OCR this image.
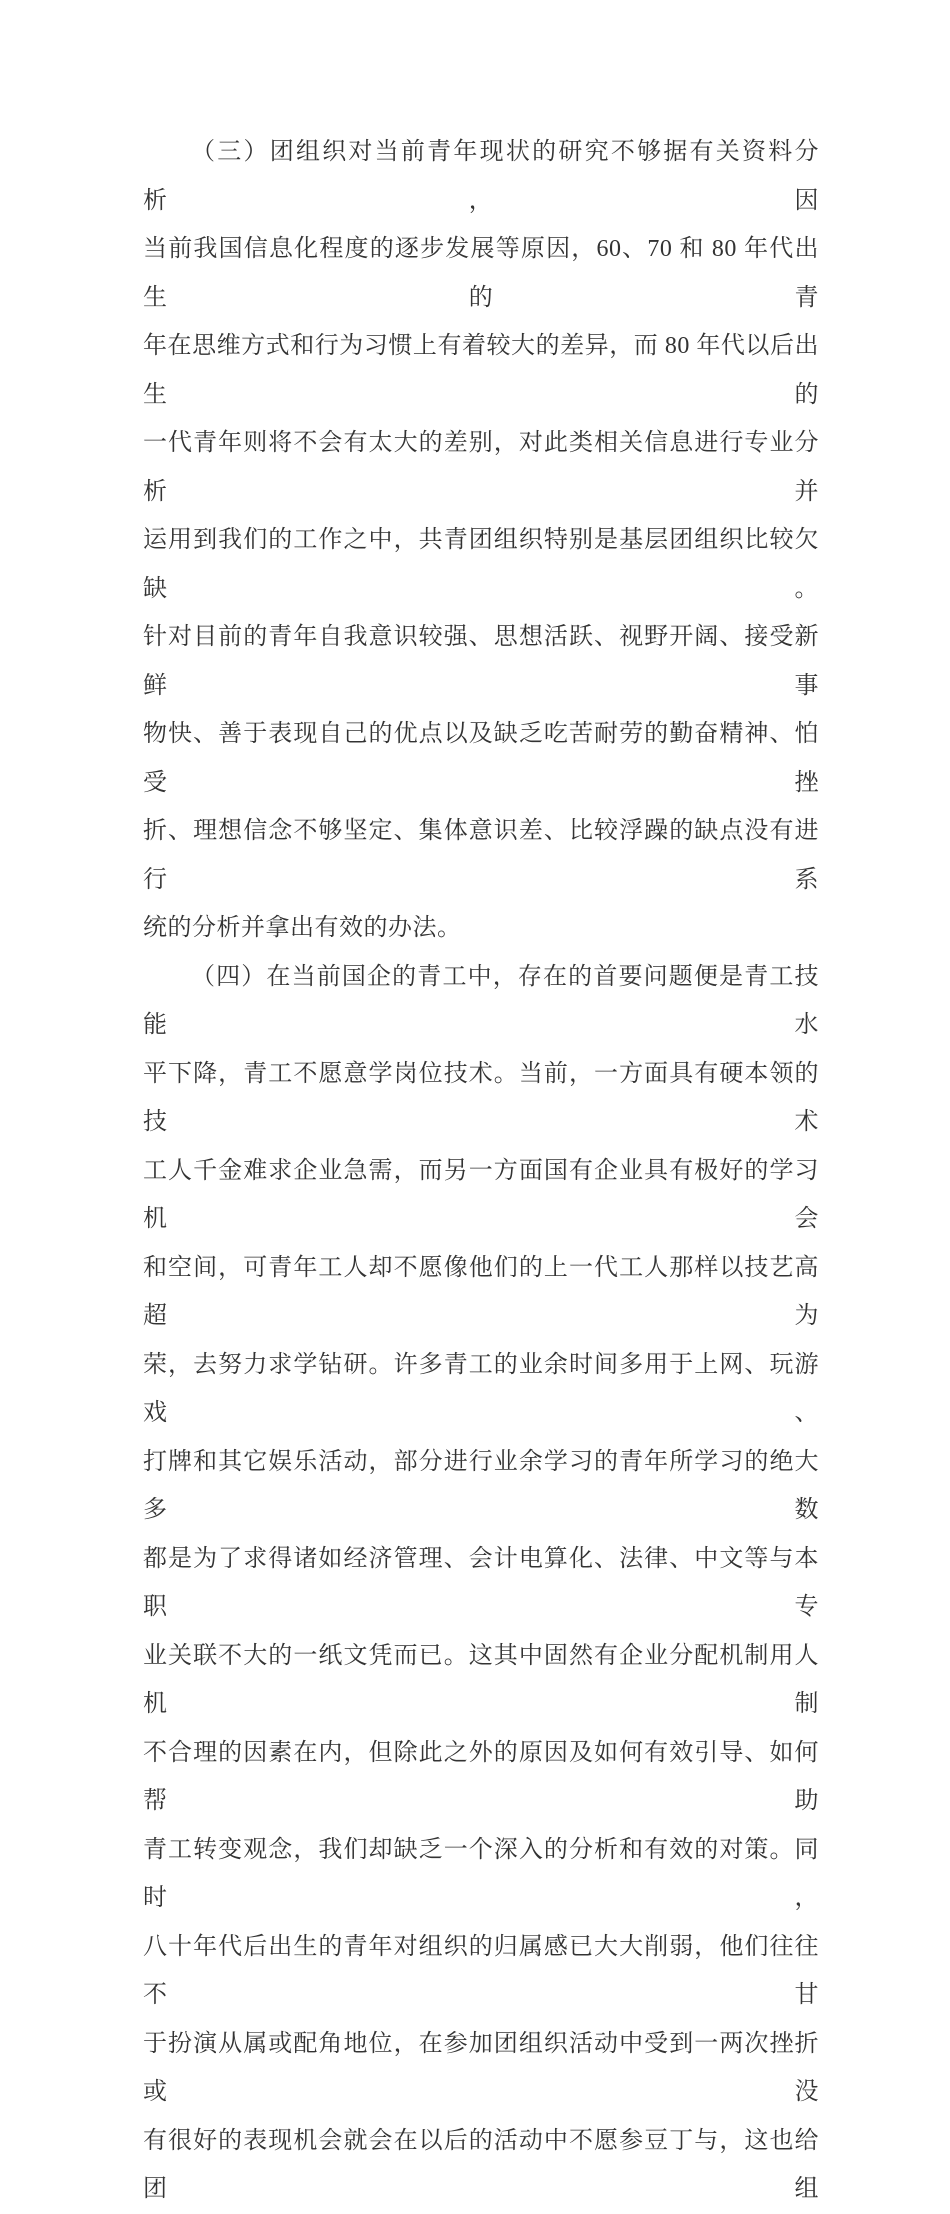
（三）团组织对当前青年现状的研究不够据有关资料分析，因
当前我国信息化程度的逐步发展等原因，60、70 和 80 年代出生的青
年在思维方式和行为习惯上有着较大的差异，而 80 年代以后出生的
一代青年则将不会有太大的差别，对此类相关信息进行专业分析并
运用到我们的工作之中，共青团组织特别是基层团组织比较欠缺。
针对目前的青年自我意识较强、思想活跃、视野开阔、接受新鲜事
物快、善于表现自己的优点以及缺乏吃苦耐劳的勤奋精神、怕受挫
折、理想信念不够坚定、集体意识差、比较浮躁的缺点没有进行系
统的分析并拿出有效的办法。
（四）在当前国企的青工中，存在的首要问题便是青工技能水
平下降，青工不愿意学岗位技术。当前，一方面具有硬本领的技术
工人千金难求企业急需，而另一方面国有企业具有极好的学习机会
和空间，可青年工人却不愿像他们的上一代工人那样以技艺高超为
荣，去努力求学钻研。许多青工的业余时间多用于上网、玩游戏、
打牌和其它娱乐活动，部分进行业余学习的青年所学习的绝大多数
都是为了求得诸如经济管理、会计电算化、法律、中文等与本职专
业关联不大的一纸文凭而已。这其中固然有企业分配机制用人机制
不合理的因素在内，但除此之外的原因及如何有效引导、如何帮助
青工转变观念，我们却缺乏一个深入的分析和有效的对策。同时，
八十年代后出生的青年对组织的归属感已大大削弱，他们往往不甘
于扮演从属或配角地位，在参加团组织活动中受到一两次挫折或没
有很好的表现机会就会在以后的活动中不愿参豆丁与，这也给团组
